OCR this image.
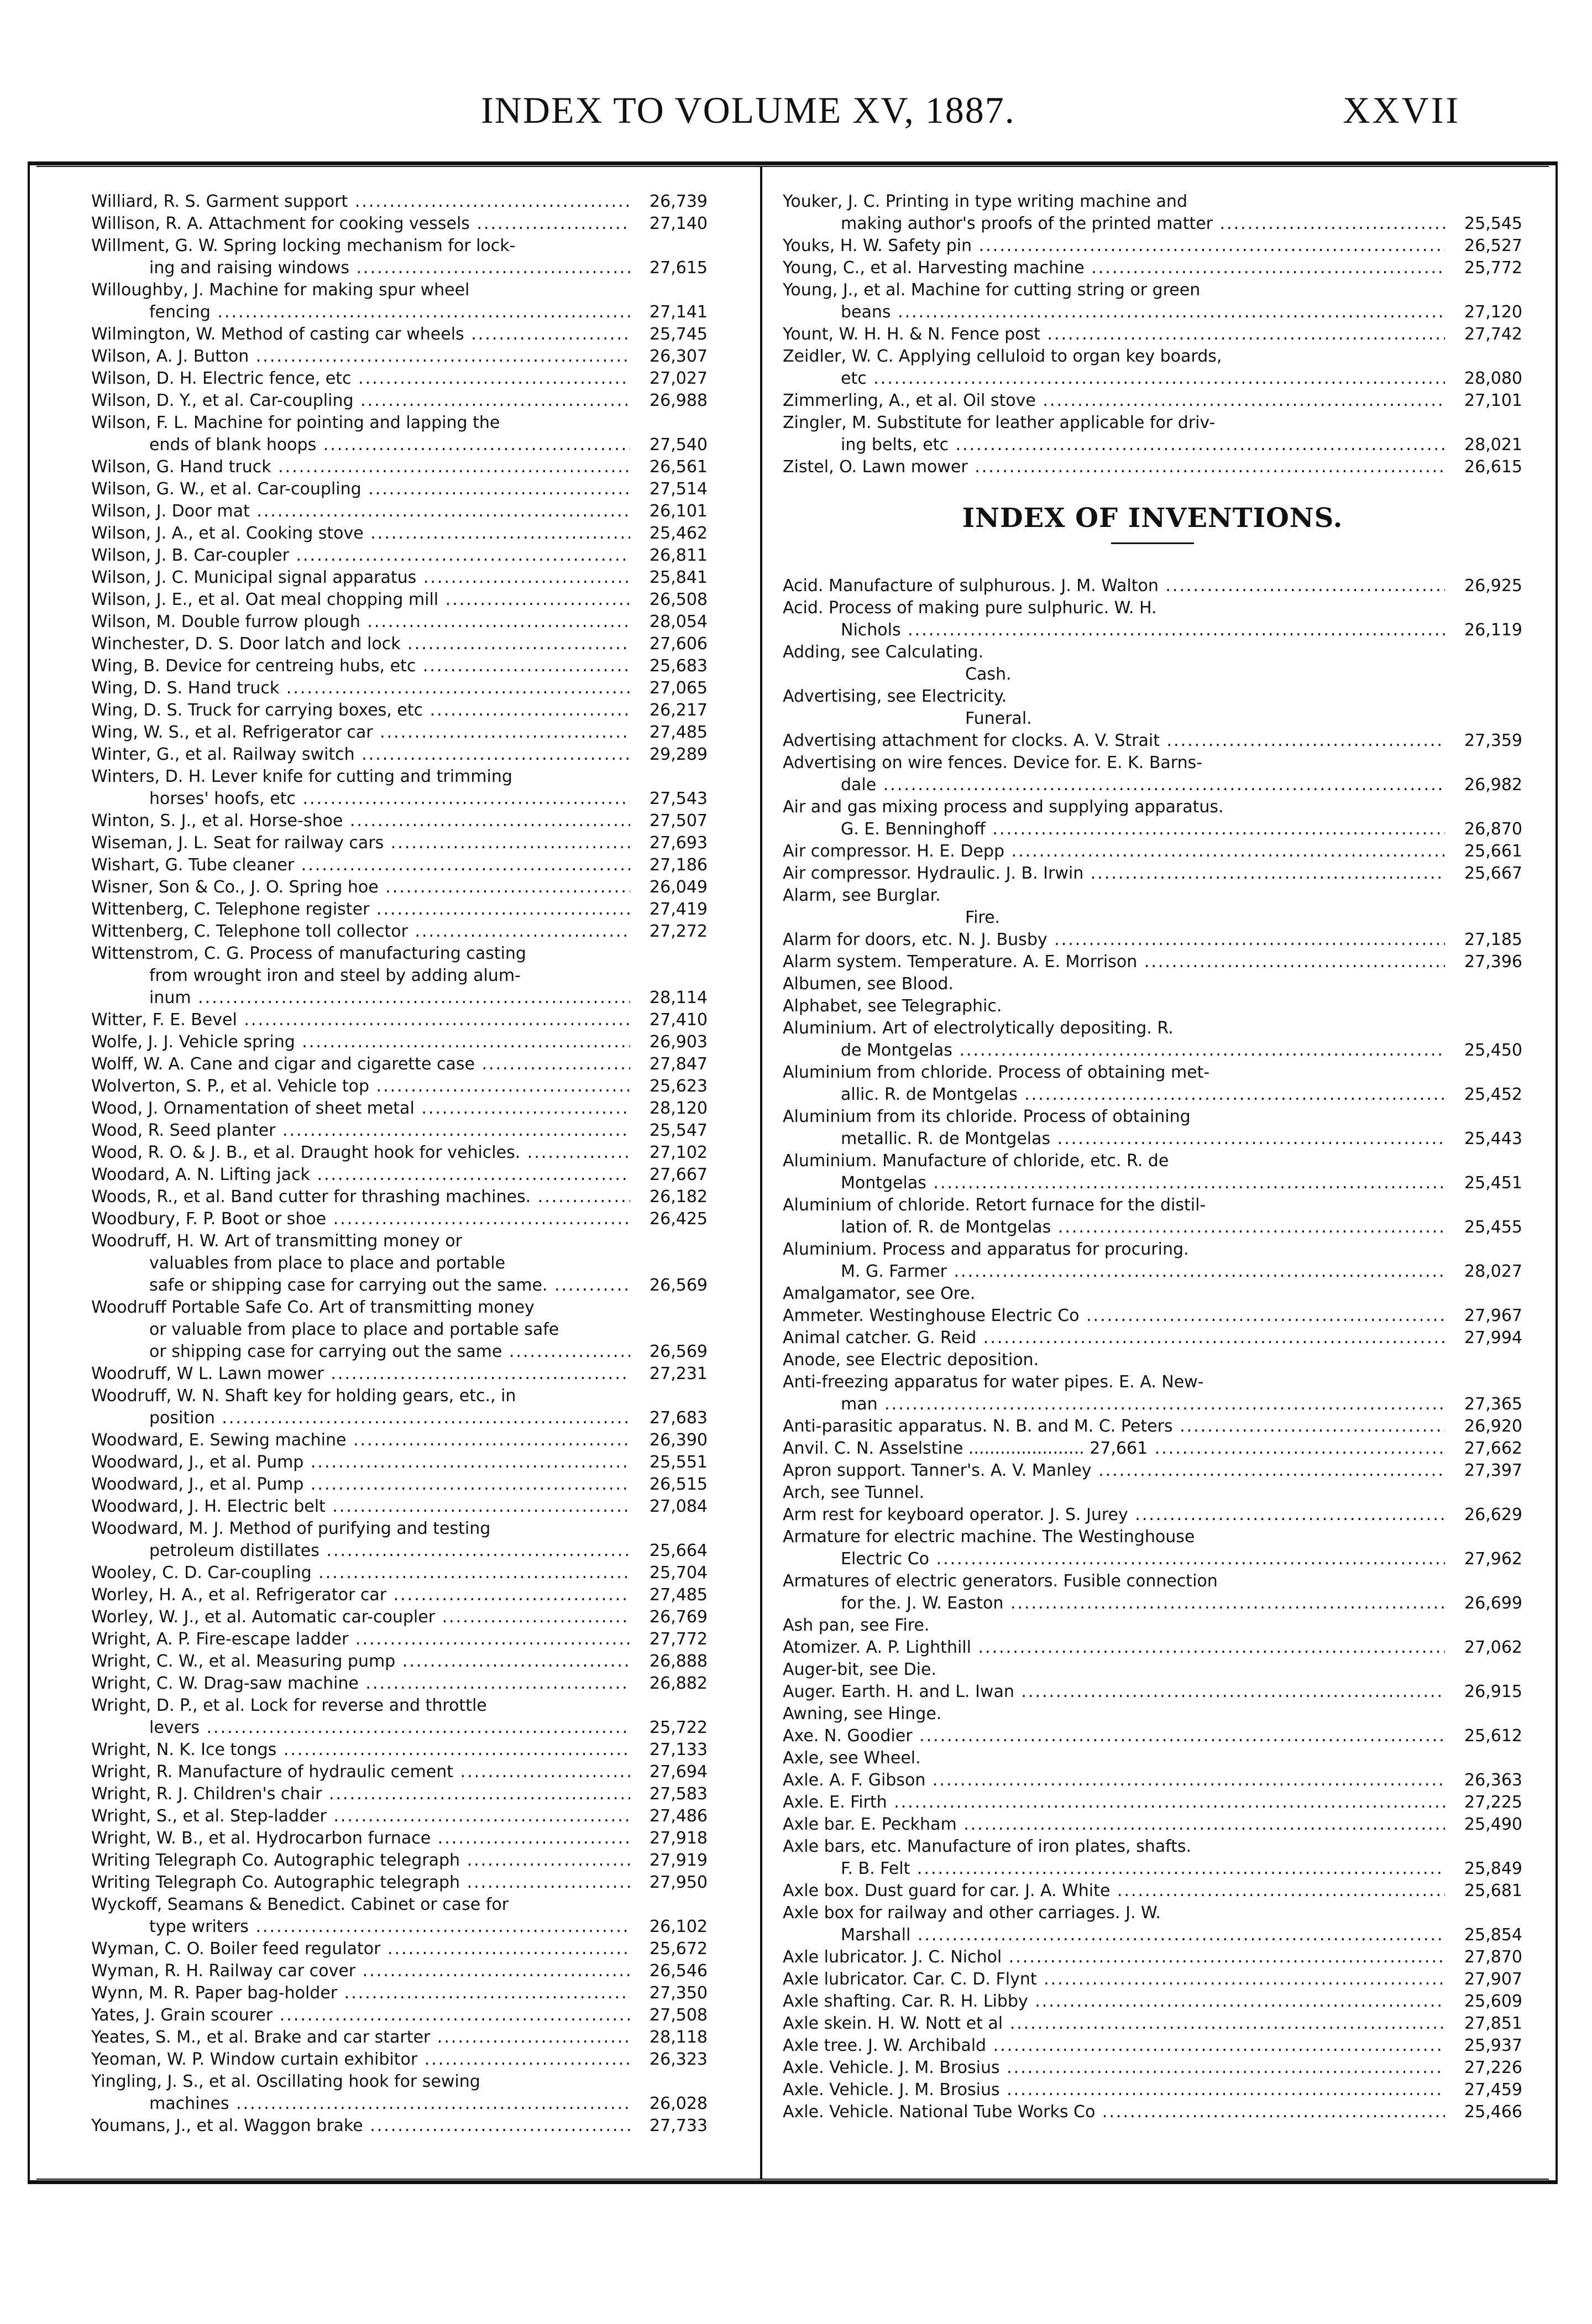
INDEX TO VOLUME XV, 1887.	XXVII
Williard, R. S. Garment support .....	26,739
Willison, R. A. Attachment for cooking vessels .....	27,140
Willment, G. W. Spring locking mechanism for lock-
ing and raising windows .....	27,615
Willoughby, J. Machine for making spur wheel
fencing .....	27,141
Wilmington, W. Method of casting car wheels .....	25,745
Wilson, A. J. Button .....	26,307
Wilson, D. H. Electric fence, etc .....	27,027
Wilson, D. Y., et al. Car-coupling .....	26,988
Wilson, F. L. Machine for pointing and lapping the
ends of blank hoops .....	27,540
Wilson, G. Hand truck .....	26,561
Wilson, G. W., et al. Car-coupling .....	27,514
Wilson, J. Door mat .....	26,101
Wilson, J. A., et al. Cooking stove .....	25,462
Wilson, J. B. Car-coupler .....	26,811
Wilson, J. C. Municipal signal apparatus .....	25,841
Wilson, J. E., et al. Oat meal chopping mill .....	26,508
Wilson, M. Double furrow plough .....	28,054
Winchester, D. S. Door latch and lock .....	27,606
Wing, B. Device for centreing hubs, etc .....	25,683
Wing, D. S. Hand truck .....	27,065
Wing, D. S. Truck for carrying boxes, etc .....	26,217
Wing, W. S., et al. Refrigerator car .....	27,485
Winter, G., et al. Railway switch .....	29,289
Winters, D. H. Lever knife for cutting and trimming
horses' hoofs, etc .....	27,543
Winton, S. J., et al. Horse-shoe .....	27,507
Wiseman, J. L. Seat for railway cars .....	27,693
Wishart, G. Tube cleaner .....	27,186
Wisner, Son & Co., J. O. Spring hoe .....	26,049
Wittenberg, C. Telephone register .....	27,419
Wittenberg, C. Telephone toll collector .....	27,272
Wittenstrom, C. G. Process of manufacturing casting
from wrought iron and steel by adding alum-
inum .....	28,114
Witter, F. E. Bevel .....	27,410
Wolfe, J. J. Vehicle spring .....	26,903
Wolff, W. A. Cane and cigar and cigarette case .....	27,847
Wolverton, S. P., et al. Vehicle top .....	25,623
Wood, J. Ornamentation of sheet metal .....	28,120
Wood, R. Seed planter .....	25,547
Wood, R. O. & J. B., et al. Draught hook for vehicles. .....	27,102
Woodard, A. N. Lifting jack .....	27,667
Woods, R., et al. Band cutter for thrashing machines. .....	26,182
Woodbury, F. P. Boot or shoe .....	26,425
Woodruff, H. W. Art of transmitting money or
valuables from place to place and portable
safe or shipping case for carrying out the same. .....	26,569
Woodruff Portable Safe Co. Art of transmitting money
or valuable from place to place and portable safe
or shipping case for carrying out the same .....	26,569
Woodruff, W L. Lawn mower .....	27,231
Woodruff, W. N. Shaft key for holding gears, etc., in
position .....	27,683
Woodward, E. Sewing machine .....	26,390
Woodward, J., et al. Pump .....	25,551
Woodward, J., et al. Pump .....	26,515
Woodward, J. H. Electric belt .....	27,084
Woodward, M. J. Method of purifying and testing
petroleum distillates .....	25,664
Wooley, C. D. Car-coupling .....	25,704
Worley, H. A., et al. Refrigerator car .....	27,485
Worley, W. J., et al. Automatic car-coupler .....	26,769
Wright, A. P. Fire-escape ladder .....	27,772
Wright, C. W., et al. Measuring pump .....	26,888
Wright, C. W. Drag-saw machine .....	26,882
Wright, D. P., et al. Lock for reverse and throttle
levers .....	25,722
Wright, N. K. Ice tongs .....	27,133
Wright, R. Manufacture of hydraulic cement .....	27,694
Wright, R. J. Children's chair .....	27,583
Wright, S., et al. Step-ladder .....	27,486
Wright, W. B., et al. Hydrocarbon furnace .....	27,918
Writing Telegraph Co. Autographic telegraph .....	27,919
Writing Telegraph Co. Autographic telegraph .....	27,950
Wyckoff, Seamans & Benedict. Cabinet or case for
type writers .....	26,102
Wyman, C. O. Boiler feed regulator .....	25,672
Wyman, R. H. Railway car cover .....	26,546
Wynn, M. R. Paper bag-holder .....	27,350
Yates, J. Grain scourer .....	27,508
Yeates, S. M., et al. Brake and car starter .....	28,118
Yeoman, W. P. Window curtain exhibitor .....	26,323
Yingling, J. S., et al. Oscillating hook for sewing
machines .....	26,028
Youmans, J., et al. Waggon brake .....	27,733
Youker, J. C. Printing in type writing machine and
making author's proofs of the printed matter .....	25,545
Youks, H. W. Safety pin .....	26,527
Young, C., et al. Harvesting machine .....	25,772
Young, J., et al. Machine for cutting string or green
beans .....	27,120
Yount, W. H. H. & N. Fence post .....	27,742
Zeidler, W. C. Applying celluloid to organ key boards,
etc .....	28,080
Zimmerling, A., et al. Oil stove .....	27,101
Zingler, M. Substitute for leather applicable for driv-
ing belts, etc .....	28,021
Zistel, O. Lawn mower .....	26,615
INDEX OF INVENTIONS.
Acid. Manufacture of sulphurous. J. M. Walton .....	26,925
Acid. Process of making pure sulphuric. W. H.
Nichols .....	26,119
Adding, see Calculating.
Cash.
Advertising, see Electricity.
Funeral.
Advertising attachment for clocks. A. V. Strait .....	27,359
Advertising on wire fences. Device for. E. K. Barns-
dale .....	26,982
Air and gas mixing process and supplying apparatus.
G. E. Benninghoff .....	26,870
Air compressor. H. E. Depp .....	25,661
Air compressor. Hydraulic. J. B. Irwin .....	25,667
Alarm, see Burglar.
Fire.
Alarm for doors, etc. N. J. Busby .....	27,185
Alarm system. Temperature. A. E. Morrison .....	27,396
Albumen, see Blood.
Alphabet, see Telegraphic.
Aluminium. Art of electrolytically depositing. R.
de Montgelas .....	25,450
Aluminium from chloride. Process of obtaining met-
allic. R. de Montgelas .....	25,452
Aluminium from its chloride. Process of obtaining
metallic. R. de Montgelas .....	25,443
Aluminium. Manufacture of chloride, etc. R. de
Montgelas .....	25,451
Aluminium of chloride. Retort furnace for the distil-
lation of. R. de Montgelas .....	25,455
Aluminium. Process and apparatus for procuring.
M. G. Farmer .....	28,027
Amalgamator, see Ore.
Ammeter. Westinghouse Electric Co .....	27,967
Animal catcher. G. Reid .....	27,994
Anode, see Electric deposition.
Anti-freezing apparatus for water pipes. E. A. New-
man .....	27,365
Anti-parasitic apparatus. N. B. and M. C. Peters .....	26,920
Anvil. C. N. Asselstine ...................... 27,661 .....	27,662
Apron support. Tanner's. A. V. Manley .....	27,397
Arch, see Tunnel.
Arm rest for keyboard operator. J. S. Jurey .....	26,629
Armature for electric machine. The Westinghouse
Electric Co .....	27,962
Armatures of electric generators. Fusible connection
for the. J. W. Easton .....	26,699
Ash pan, see Fire.
Atomizer. A. P. Lighthill .....	27,062
Auger-bit, see Die.
Auger. Earth. H. and L. Iwan .....	26,915
Awning, see Hinge.
Axe. N. Goodier .....	25,612
Axle, see Wheel.
Axle. A. F. Gibson .....	26,363
Axle. E. Firth .....	27,225
Axle bar. E. Peckham .....	25,490
Axle bars, etc. Manufacture of iron plates, shafts.
F. B. Felt .....	25,849
Axle box. Dust guard for car. J. A. White .....	25,681
Axle box for railway and other carriages. J. W.
Marshall .....	25,854
Axle lubricator. J. C. Nichol .....	27,870
Axle lubricator. Car. C. D. Flynt .....	27,907
Axle shafting. Car. R. H. Libby .....	25,609
Axle skein. H. W. Nott et al .....	27,851
Axle tree. J. W. Archibald .....	25,937
Axle. Vehicle. J. M. Brosius .....	27,226
Axle. Vehicle. J. M. Brosius .....	27,459
Axle. Vehicle. National Tube Works Co .....	25,466
